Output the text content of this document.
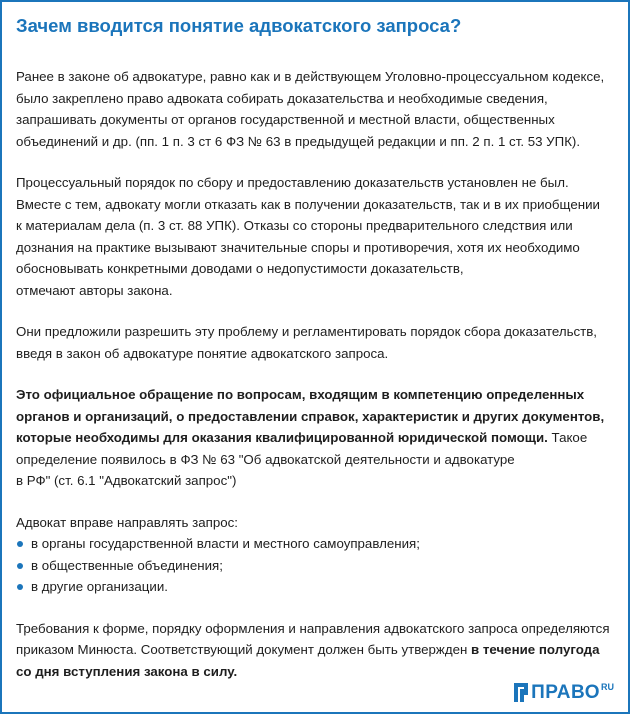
Зачем вводится понятие адвокатского запроса?

Ранее в законе об адвокатуре, равно как и в действующем Уголовно-процессуальном кодексе,
было закреплено право адвоката собирать доказательства и необходимые сведения,
запрашивать документы от органов государственной и местной власти, общественных
объединений и др. (пп. 1 п. 3 ст 6 ФЗ № 63 в предыдущей редакции и пп. 2 п. 1 ст. 53 УПК).

Процессуальный порядок по сбору и предоставлению доказательств установлен не был.
Вместе с тем, адвокату могли отказать как в получении доказательств, так и в их приобщении
к материалам дела (п. 3 ст. 88 УПК). Отказы со стороны предварительного следствия или
дознания на практике вызывают значительные споры и противоречия, хотя их необходимо
обосновывать конкретными доводами о недопустимости доказательств,
отмечают авторы закона.

Они предложили разрешить эту проблему и регламентировать порядок сбора доказательств,
введя в закон об адвокатуре понятие адвокатского запроса.

Это официальное обращение по вопросам, входящим в компетенцию определенных
органов и организаций, о предоставлении справок, характеристик и других документов,
которые необходимы для оказания квалифицированной юридической помощи. Такое
определение появилось в ФЗ № 63 "Об адвокатской деятельности и адвокатуре
в РФ" (ст. 6.1 "Адвокатский запрос")

Адвокат вправе направлять запрос:

в органы государственной власти и местного самоуправления;
в общественные объединения;
в другие организации.

Требования к форме, порядку оформления и направления адвокатского запроса определяются
приказом Минюста. Соответствующий документ должен быть утвержден в течение полугода
со дня вступления закона в силу.

ПРАВО RU
